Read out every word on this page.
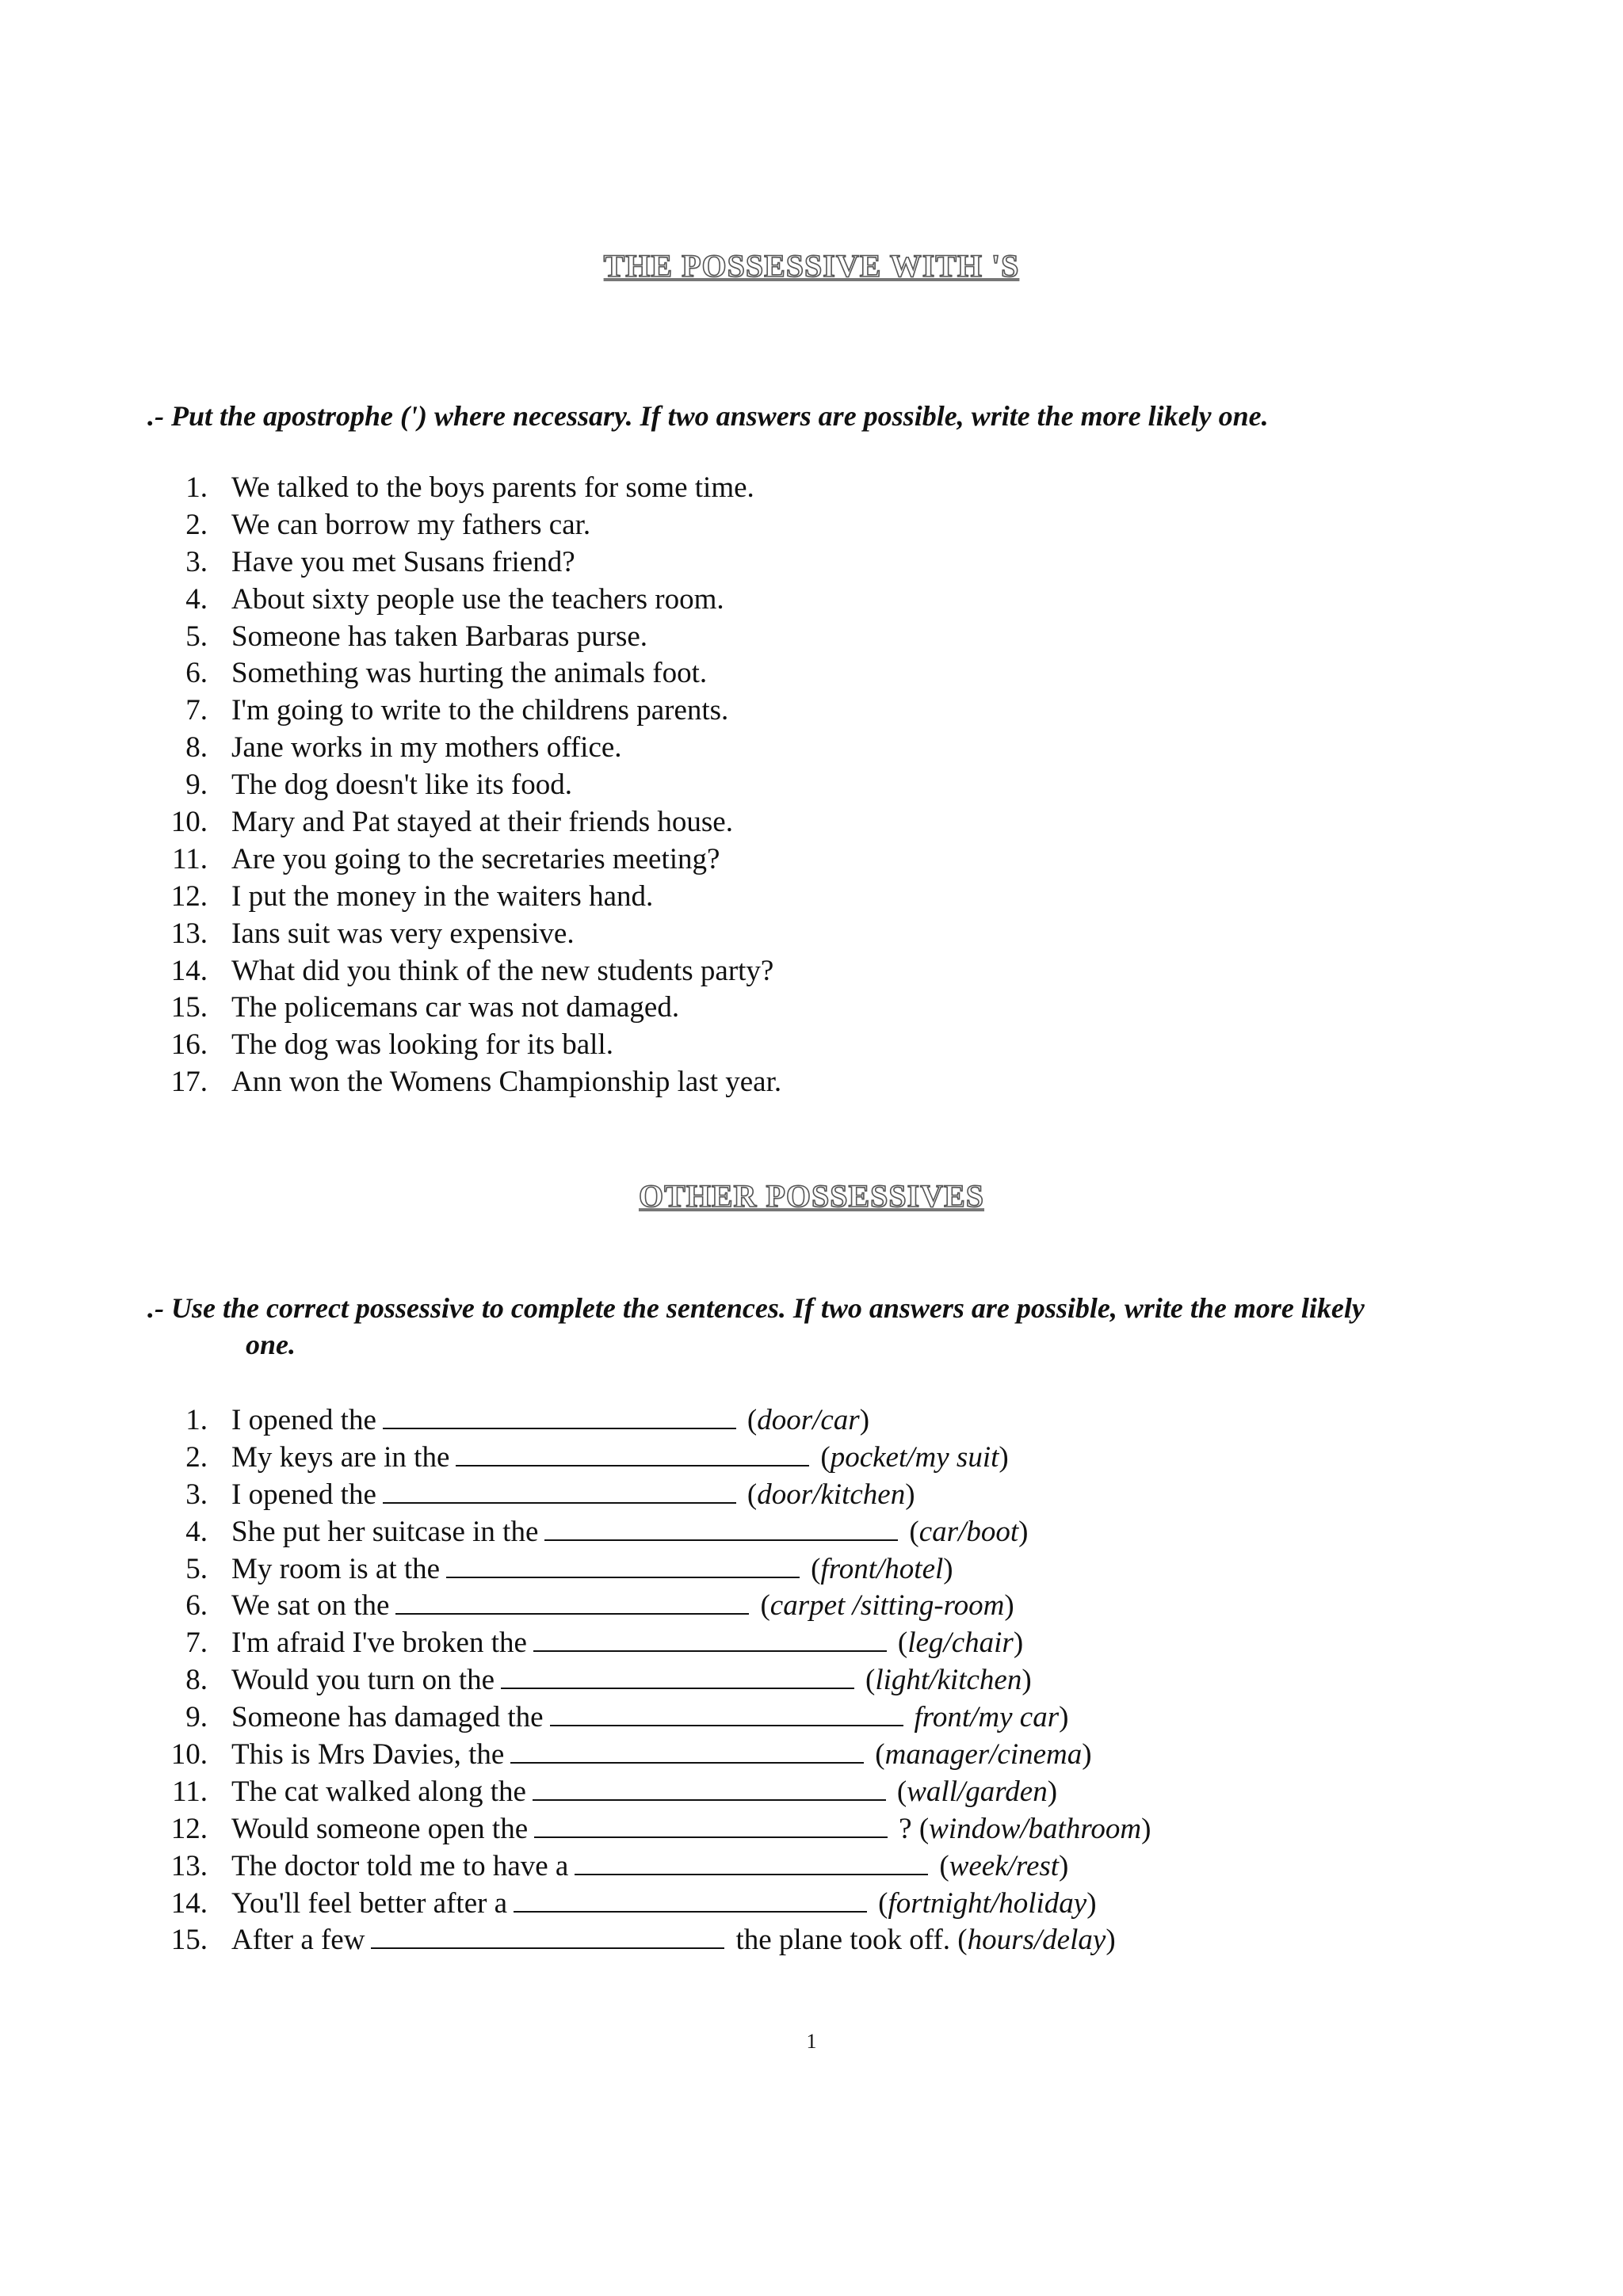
THE POSSESSIVE WITH 'S
.- Put the apostrophe (') where necessary. If two answers are possible, write the more likely one.
1. We talked to the boys parents for some time.
2. We can borrow my fathers car.
3. Have you met Susans friend?
4. About sixty people use the teachers room.
5. Someone has taken Barbaras purse.
6. Something was hurting the animals foot.
7. I'm going to write to the childrens parents.
8. Jane works in my mothers office.
9. The dog doesn't like its food.
10. Mary and Pat stayed at their friends house.
11. Are you going to the secretaries meeting?
12. I put the money in the waiters hand.
13. Ians suit was very expensive.
14. What did you think of the new students party?
15. The policemans car was not damaged.
16. The dog was looking for its ball.
17. Ann won the Womens Championship last year.
OTHER POSSESSIVES
.- Use the correct possessive to complete the sentences. If two answers are possible, write the more likely
one.
1. I opened the	(door/car)
2. My keys are in the	(pocket/my suit)
3. I opened the	(door/kitchen)
4. She put her suitcase in the	(car/boot)
5. My room is at the	(front/hotel)
6. We sat on the	(carpet /sitting-room)
7. I'm afraid I've broken the	(leg/chair)
8. Would you turn on the	(light/kitchen)
9. Someone has damaged the	front/my car)
10. This is Mrs Davies, the	(manager/cinema)
11. The cat walked along the	(wall/garden)
12. Would someone open the	? (window/bathroom)
13. The doctor told me to have a	(week/rest)
14. You'll feel better after a	(fortnight/holiday)
15. After a few	the plane took off. (hours/delay)
1
